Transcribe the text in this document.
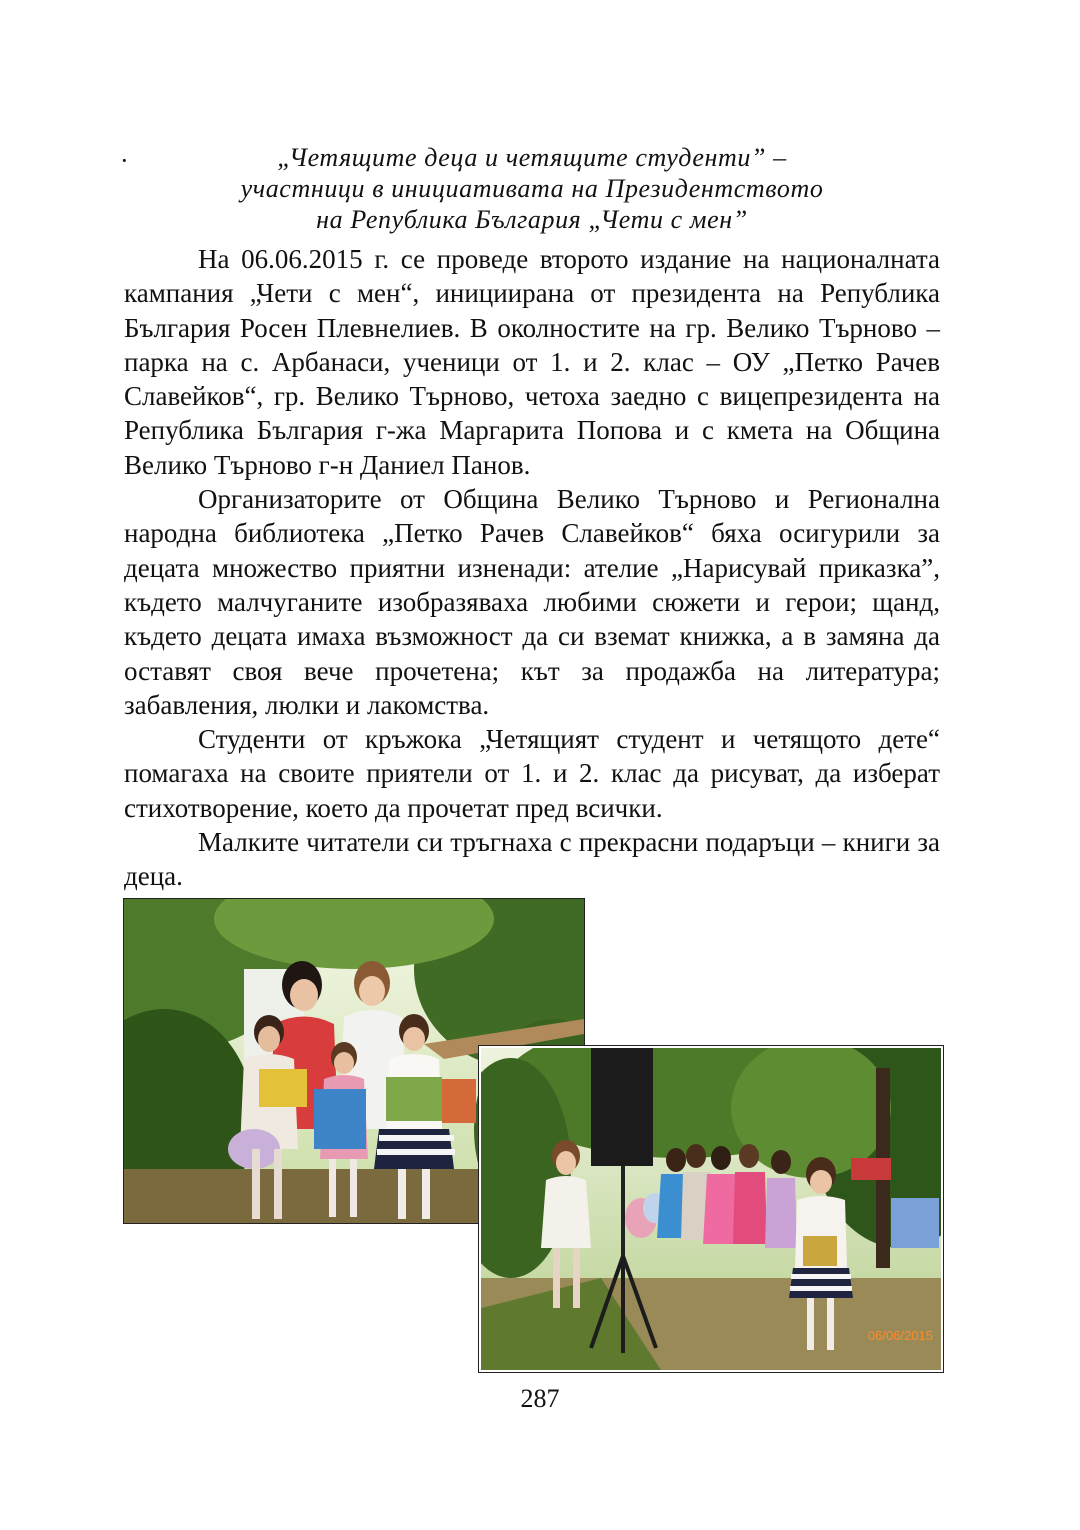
·	„Четящите деца и четящите студенти” –
участници в инициативата на Президентството
на Република България „Чети с мен”

На 06.06.2015 г. се проведе второто издание на националната кампания „Чети с мен“, инициирана от президента на Република България Росен Плевнелиев. В околностите на гр. Велико Търново – парка на с. Арбанаси, ученици от 1. и 2. клас – ОУ „Петко Рачев Славейков“, гр. Велико Търново, четоха заедно с вицепрезидента на Република България г-жа Маргарита Попова и с кмета на Община Велико Търново г-н Даниел Панов.

Организаторите от Община Велико Търново и Регионална народна библиотека „Петко Рачев Славейков“ бяха осигурили за децата множество приятни изненади: ателие „Нарисувай приказка”, където малчуганите изобразяваха любими сюжети и герои; щанд, където децата имаха възможност да си вземат книжка, а в замяна да оставят своя вече прочетена; кът за продажба на литература; забавления, люлки и лакомства.

Студенти от кръжока „Четящият студент и четящото дете“ помагаха на своите приятели от 1. и 2. клас да рисуват, да изберат стихотворение, което да прочетат пред всички.

Малките читатели си тръгнаха с прекрасни подаръци – книги за деца.

06/06/2015
287
